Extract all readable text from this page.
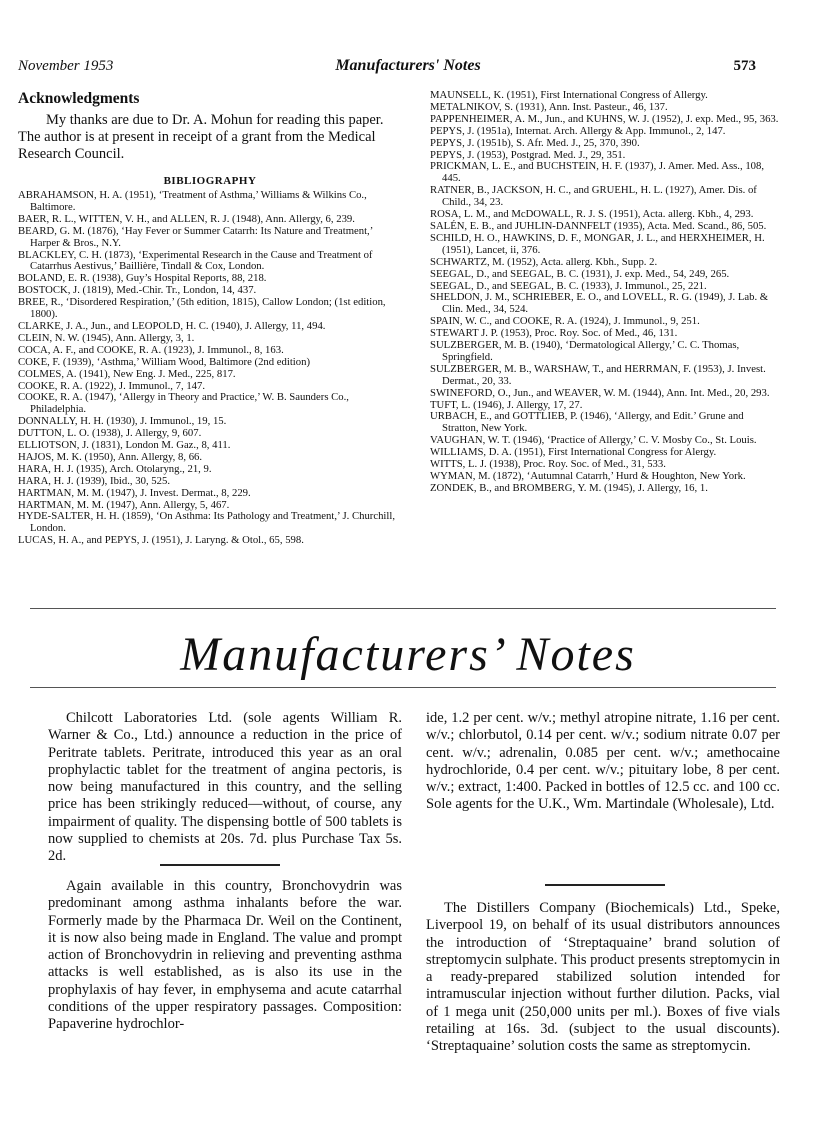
November 1953	Manufacturers' Notes	573
Acknowledgments

My thanks are due to Dr. A. Mohun for reading this paper. The author is at present in receipt of a grant from the Medical Research Council.

BIBLIOGRAPHY
ABRAHAMSON, H. A. (1951), ‘Treatment of Asthma,’ Williams & Wilkins Co., Baltimore.
BAER, R. L., WITTEN, V. H., and ALLEN, R. J. (1948), Ann. Allergy, 6, 239.
BEARD, G. M. (1876), ‘Hay Fever or Summer Catarrh: Its Nature and Treatment,’ Harper & Bros., N.Y.
BLACKLEY, C. H. (1873), ‘Experimental Research in the Cause and Treatment of Catarrhus Aestivus,’ Baillière, Tindall & Cox, London.
BOLAND, E. R. (1938), Guy’s Hospital Reports, 88, 218.
BOSTOCK, J. (1819), Med.-Chir. Tr., London, 14, 437.
BREE, R., ‘Disordered Respiration,’ (5th edition, 1815), Callow London; (1st edition, 1800).
CLARKE, J. A., Jun., and LEOPOLD, H. C. (1940), J. Allergy, 11, 494.
CLEIN, N. W. (1945), Ann. Allergy, 3, 1.
COCA, A. F., and COOKE, R. A. (1923), J. Immunol., 8, 163.
COKE, F. (1939), ‘Asthma,’ William Wood, Baltimore (2nd edition)
COLMES, A. (1941), New Eng. J. Med., 225, 817.
COOKE, R. A. (1922), J. Immunol., 7, 147.
COOKE, R. A. (1947), ‘Allergy in Theory and Practice,’ W. B. Saunders Co., Philadelphia.
DONNALLY, H. H. (1930), J. Immunol., 19, 15.
DUTTON, L. O. (1938), J. Allergy, 9, 607.
ELLIOTSON, J. (1831), London M. Gaz., 8, 411.
HAJOS, M. K. (1950), Ann. Allergy, 8, 66.
HARA, H. J. (1935), Arch. Otolaryng., 21, 9.
HARA, H. J. (1939), Ibid., 30, 525.
HARTMAN, M. M. (1947), J. Invest. Dermat., 8, 229.
HARTMAN, M. M. (1947), Ann. Allergy, 5, 467.
HYDE-SALTER, H. H. (1859), ‘On Asthma: Its Pathology and Treatment,’ J. Churchill, London.
LUCAS, H. A., and PEPYS, J. (1951), J. Laryng. & Otol., 65, 598.
MAUNSELL, K. (1951), First International Congress of Allergy.
METALNIKOV, S. (1931), Ann. Inst. Pasteur., 46, 137.
PAPPENHEIMER, A. M., Jun., and KUHNS, W. J. (1952), J. exp. Med., 95, 363.
PEPYS, J. (1951a), Internat. Arch. Allergy & App. Immunol., 2, 147.
PEPYS, J. (1951b), S. Afr. Med. J., 25, 370, 390.
PEPYS, J. (1953), Postgrad. Med. J., 29, 351.
PRICKMAN, L. E., and BUCHSTEIN, H. F. (1937), J. Amer. Med. Ass., 108, 445.
RATNER, B., JACKSON, H. C., and GRUEHL, H. L. (1927), Amer. Dis. of Child., 34, 23.
ROSA, L. M., and McDOWALL, R. J. S. (1951), Acta. allerg. Kbh., 4, 293.
SALÉN, E. B., and JUHLIN-DANNFELT (1935), Acta. Med. Scand., 86, 505.
SCHILD, H. O., HAWKINS, D. F., MONGAR, J. L., and HERXHEIMER, H. (1951), Lancet, ii, 376.
SCHWARTZ, M. (1952), Acta. allerg. Kbh., Supp. 2.
SEEGAL, D., and SEEGAL, B. C. (1931), J. exp. Med., 54, 249, 265.
SEEGAL, D., and SEEGAL, B. C. (1933), J. Immunol., 25, 221.
SHELDON, J. M., SCHRIEBER, E. O., and LOVELL, R. G. (1949), J. Lab. & Clin. Med., 34, 524.
SPAIN, W. C., and COOKE, R. A. (1924), J. Immunol., 9, 251.
STEWART J. P. (1953), Proc. Roy. Soc. of Med., 46, 131.
SULZBERGER, M. B. (1940), ‘Dermatological Allergy,’ C. C. Thomas, Springfield.
SULZBERGER, M. B., WARSHAW, T., and HERRMAN, F. (1953), J. Invest. Dermat., 20, 33.
SWINEFORD, O., Jun., and WEAVER, W. M. (1944), Ann. Int. Med., 20, 293.
TUFT, L. (1946), J. Allergy, 17, 27.
URBACH, E., and GOTTLIEB, P. (1946), ‘Allergy, and Edit.’ Grune and Stratton, New York.
VAUGHAN, W. T. (1946), ‘Practice of Allergy,’ C. V. Mosby Co., St. Louis.
WILLIAMS, D. A. (1951), First International Congress for Alergy.
WITTS, L. J. (1938), Proc. Roy. Soc. of Med., 31, 533.
WYMAN, M. (1872), ‘Autumnal Catarrh,’ Hurd & Houghton, New York.
ZONDEK, B., and BROMBERG, Y. M. (1945), J. Allergy, 16, 1.
Manufacturers’ Notes

Chilcott Laboratories Ltd. (sole agents William R. Warner & Co., Ltd.) announce a reduction in the price of Peritrate tablets. Peritrate, introduced this year as an oral prophylactic tablet for the treatment of angina pectoris, is now being manufactured in this country, and the selling price has been strikingly reduced—without, of course, any impairment of quality. The dispensing bottle of 500 tablets is now supplied to chemists at 20s. 7d. plus Purchase Tax 5s. 2d.

Again available in this country, Bronchovydrin was predominant among asthma inhalants before the war. Formerly made by the Pharmaca Dr. Weil on the Continent, it is now also being made in England. The value and prompt action of Bronchovydrin in relieving and preventing asthma attacks is well established, as is also its use in the prophylaxis of hay fever, in emphysema and acute catarrhal conditions of the upper respiratory passages. Composition: Papaverine hydrochlor-

ide, 1.2 per cent. w/v.; methyl atropine nitrate, 1.16 per cent. w/v.; chlorbutol, 0.14 per cent. w/v.; sodium nitrate 0.07 per cent. w/v.; adrenalin, 0.085 per cent. w/v.; amethocaine hydrochloride, 0.4 per cent. w/v.; pituitary lobe, 8 per cent. w/v.; extract, 1:400. Packed in bottles of 12.5 cc. and 100 cc. Sole agents for the U.K., Wm. Martindale (Wholesale), Ltd.

The Distillers Company (Biochemicals) Ltd., Speke, Liverpool 19, on behalf of its usual distributors announces the introduction of ‘Streptaquaine’ brand solution of streptomycin sulphate. This product presents streptomycin in a ready-prepared stabilized solution intended for intramuscular injection without further dilution. Packs, vial of 1 mega unit (250,000 units per ml.). Boxes of five vials retailing at 16s. 3d. (subject to the usual discounts). ‘Streptaquaine’ solution costs the same as streptomycin.
